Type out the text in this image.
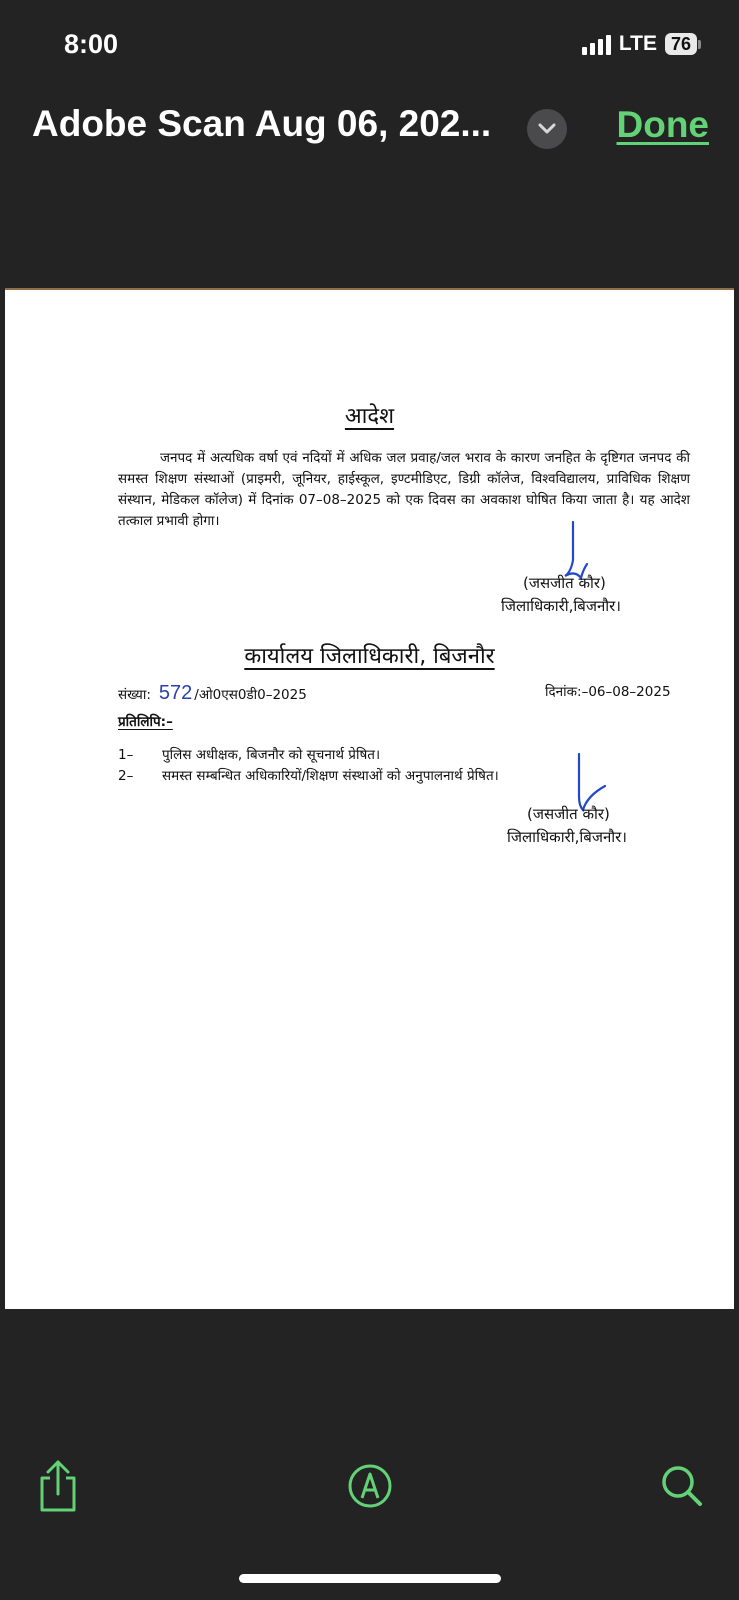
8:00	LTE 76
Adobe Scan Aug 06, 202...	Done
आदेश

जनपद में अत्यधिक वर्षा एवं नदियों में अधिक जल प्रवाह/जल भराव के कारण जनहित के दृष्टिगत जनपद की समस्त शिक्षण संस्थाओं (प्राइमरी, जूनियर, हाईस्कूल, इण्टमीडिएट, डिग्री कॉलेज, विश्वविद्यालय, प्राविधिक शिक्षण संस्थान, मेडिकल कॉलेज) में दिनांक 07–08–2025 को एक दिवस का अवकाश घोषित किया जाता है। यह आदेश तत्काल प्रभावी होगा।

(जसजीत कौर)
जिलाधिकारी,बिजनौर।
कार्यालय जिलाधिकारी, बिजनौर
संख्या: 572 /ओ0एस0डी0–2025	दिनांक:–06–08–2025
प्रतिलिपि:–
1–	पुलिस अधीक्षक, बिजनौर को सूचनार्थ प्रेषित।
2–	समस्त सम्बन्धित अधिकारियों/शिक्षण संस्थाओं को अनुपालनार्थ प्रेषित।
(जसजीत कौर)
जिलाधिकारी,बिजनौर।
